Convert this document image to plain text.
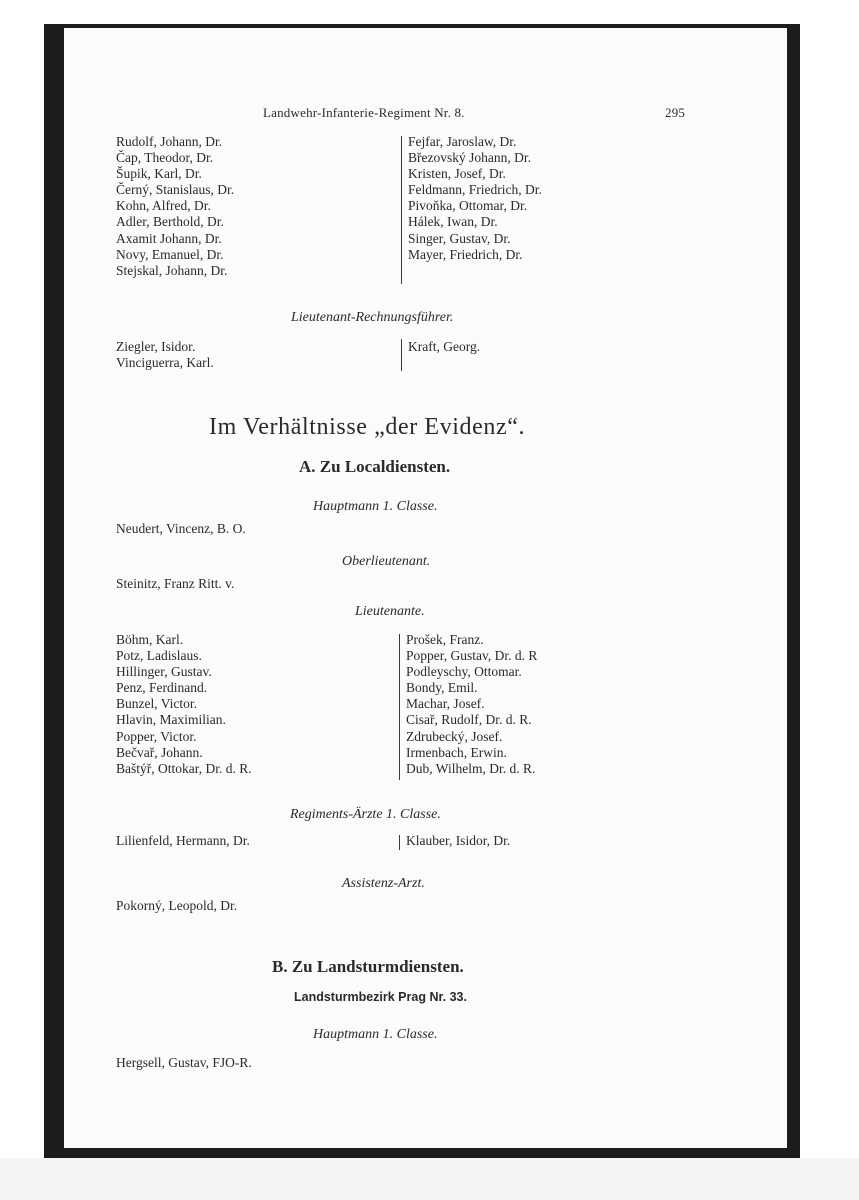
Landwehr-Infanterie-Regiment Nr. 8.	295
Rudolf, Johann, Dr.
Čap, Theodor, Dr.
Šupik, Karl, Dr.
Černý, Stanislaus, Dr.
Kohn, Alfred, Dr.
Adler, Berthold, Dr.
Axamit Johann, Dr.
Novy, Emanuel, Dr.
Stejskal, Johann, Dr.
Fejfar, Jaroslaw, Dr.
Březovský Johann, Dr.
Kristen, Josef, Dr.
Feldmann, Friedrich, Dr.
Pivoňka, Ottomar, Dr.
Hálek, Iwan, Dr.
Singer, Gustav, Dr.
Mayer, Friedrich, Dr.
Lieutenant-Rechnungsführer.
Ziegler, Isidor.
Vinciguerra, Karl.
Kraft, Georg.
Im Verhältnisse „der Evidenz“.
A. Zu Localdiensten.
Hauptmann 1. Classe.
Neudert, Vincenz, B. O.
Oberlieutenant.
Steinitz, Franz Ritt. v.
Lieutenante.
Böhm, Karl.
Potz, Ladislaus.
Hillinger, Gustav.
Penz, Ferdinand.
Bunzel, Victor.
Hlavin, Maximilian.
Popper, Victor.
Bečvař, Johann.
Baštýř, Ottokar, Dr. d. R.
Prošek, Franz.
Popper, Gustav, Dr. d. R
Podleyschy, Ottomar.
Bondy, Emil.
Machar, Josef.
Cisař, Rudolf, Dr. d. R.
Zdrubecký, Josef.
Irmenbach, Erwin.
Dub, Wilhelm, Dr. d. R.
Regiments-Ärzte 1. Classe.
Lilienfeld, Hermann, Dr.	Klauber, Isidor, Dr.
Assistenz-Arzt.
Pokorný, Leopold, Dr.
B. Zu Landsturmdiensten.
Landsturmbezirk Prag Nr. 33.
Hauptmann 1. Classe.
Hergsell, Gustav, FJO-R.
